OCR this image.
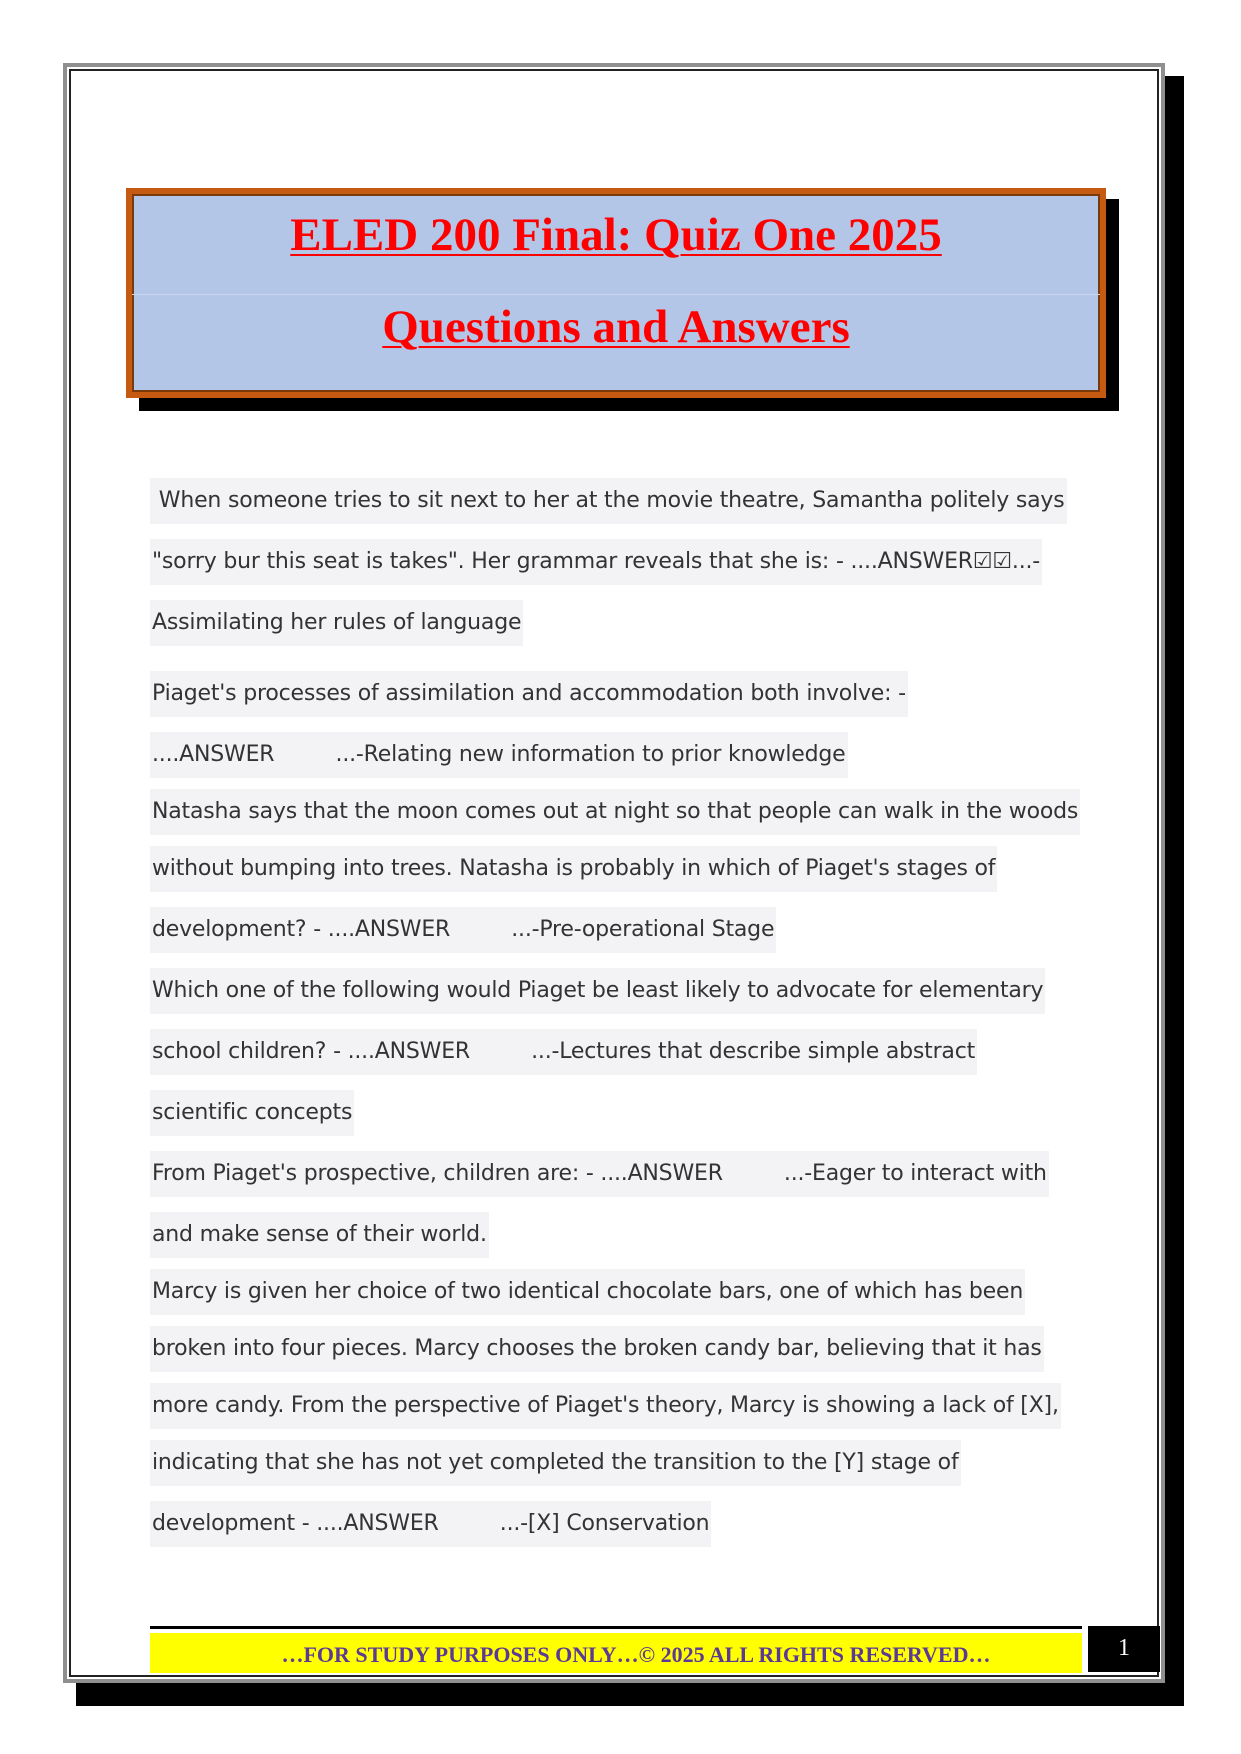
ELED 200 Final: Quiz One 2025
Questions and Answers
When someone tries to sit next to her at the movie theatre, Samantha politely says
"sorry bur this seat is takes". Her grammar reveals that she is: - ....ANSWER☑☑...-
Assimilating her rules of language
Piaget's processes of assimilation and accommodation both involve: -
....ANSWER         ...-Relating new information to prior knowledge
Natasha says that the moon comes out at night so that people can walk in the woods
without bumping into trees. Natasha is probably in which of Piaget's stages of
development? - ....ANSWER         ...-Pre-operational Stage
Which one of the following would Piaget be least likely to advocate for elementary
school children? - ....ANSWER         ...-Lectures that describe simple abstract
scientific concepts
From Piaget's prospective, children are: - ....ANSWER         ...-Eager to interact with
and make sense of their world.
Marcy is given her choice of two identical chocolate bars, one of which has been
broken into four pieces. Marcy chooses the broken candy bar, believing that it has
more candy. From the perspective of Piaget's theory, Marcy is showing a lack of [X],
indicating that she has not yet completed the transition to the [Y] stage of
development - ....ANSWER         ...-[X] Conservation
…FOR STUDY PURPOSES ONLY…© 2025 ALL RIGHTS RESERVED…	1
